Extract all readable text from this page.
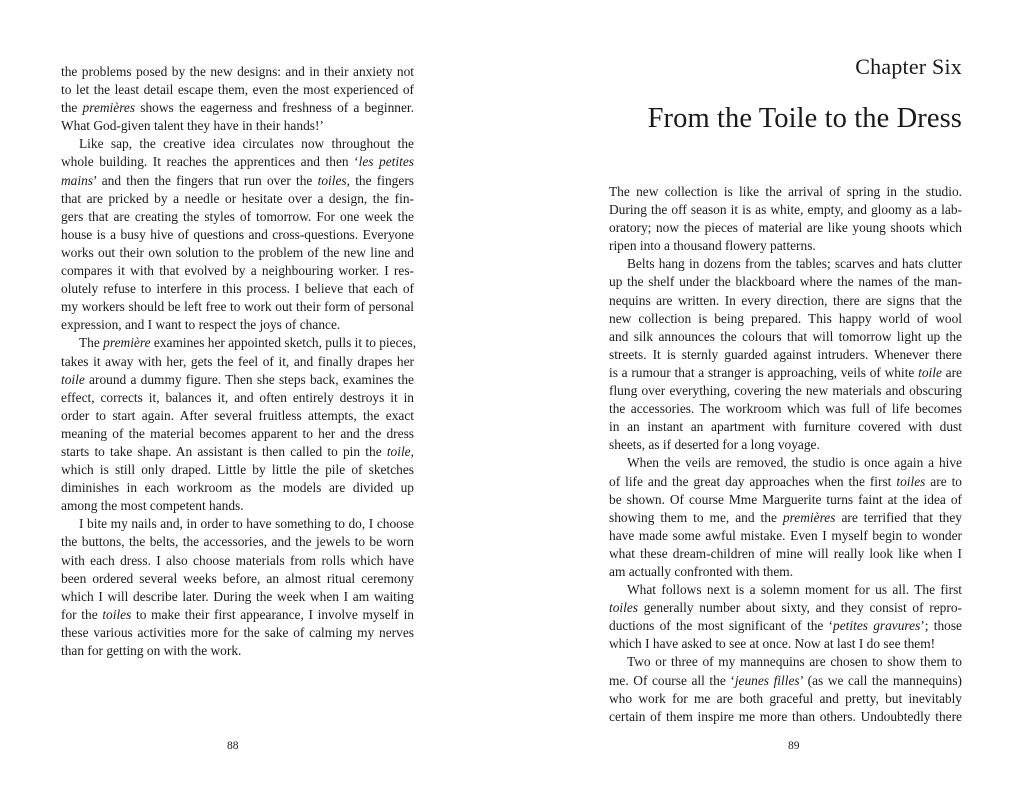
the problems posed by the new designs: and in their anxiety not
to let the least detail escape them, even the most experienced of
the premières shows the eagerness and freshness of a beginner.
What God-given talent they have in their hands!’
Like sap, the creative idea circulates now throughout the
whole building. It reaches the apprentices and then ‘les petites
mains’ and then the fingers that run over the toiles, the fingers
that are pricked by a needle or hesitate over a design, the fin-
gers that are creating the styles of tomorrow. For one week the
house is a busy hive of questions and cross-questions. Everyone
works out their own solution to the problem of the new line and
compares it with that evolved by a neighbouring worker. I res-
olutely refuse to interfere in this process. I believe that each of
my workers should be left free to work out their form of personal
expression, and I want to respect the joys of chance.
The première examines her appointed sketch, pulls it to pieces,
takes it away with her, gets the feel of it, and finally drapes her
toile around a dummy figure. Then she steps back, examines the
effect, corrects it, balances it, and often entirely destroys it in
order to start again. After several fruitless attempts, the exact
meaning of the material becomes apparent to her and the dress
starts to take shape. An assistant is then called to pin the toile,
which is still only draped. Little by little the pile of sketches
diminishes in each workroom as the models are divided up
among the most competent hands.
I bite my nails and, in order to have something to do, I choose
the buttons, the belts, the accessories, and the jewels to be worn
with each dress. I also choose materials from rolls which have
been ordered several weeks before, an almost ritual ceremony
which I will describe later. During the week when I am waiting
for the toiles to make their first appearance, I involve myself in
these various activities more for the sake of calming my nerves
than for getting on with the work.
88
Chapter Six
From the Toile to the Dress
The new collection is like the arrival of spring in the studio.
During the off season it is as white, empty, and gloomy as a lab-
oratory; now the pieces of material are like young shoots which
ripen into a thousand flowery patterns.
Belts hang in dozens from the tables; scarves and hats clutter
up the shelf under the blackboard where the names of the man-
nequins are written. In every direction, there are signs that the
new collection is being prepared. This happy world of wool
and silk announces the colours that will tomorrow light up the
streets. It is sternly guarded against intruders. Whenever there
is a rumour that a stranger is approaching, veils of white toile are
flung over everything, covering the new materials and obscuring
the accessories. The workroom which was full of life becomes
in an instant an apartment with furniture covered with dust
sheets, as if deserted for a long voyage.
When the veils are removed, the studio is once again a hive
of life and the great day approaches when the first toiles are to
be shown. Of course Mme Marguerite turns faint at the idea of
showing them to me, and the premières are terrified that they
have made some awful mistake. Even I myself begin to wonder
what these dream-children of mine will really look like when I
am actually confronted with them.
What follows next is a solemn moment for us all. The first
toiles generally number about sixty, and they consist of repro-
ductions of the most significant of the ‘petites gravures’; those
which I have asked to see at once. Now at last I do see them!
Two or three of my mannequins are chosen to show them to
me. Of course all the ‘jeunes filles’ (as we call the mannequins)
who work for me are both graceful and pretty, but inevitably
certain of them inspire me more than others. Undoubtedly there
89
